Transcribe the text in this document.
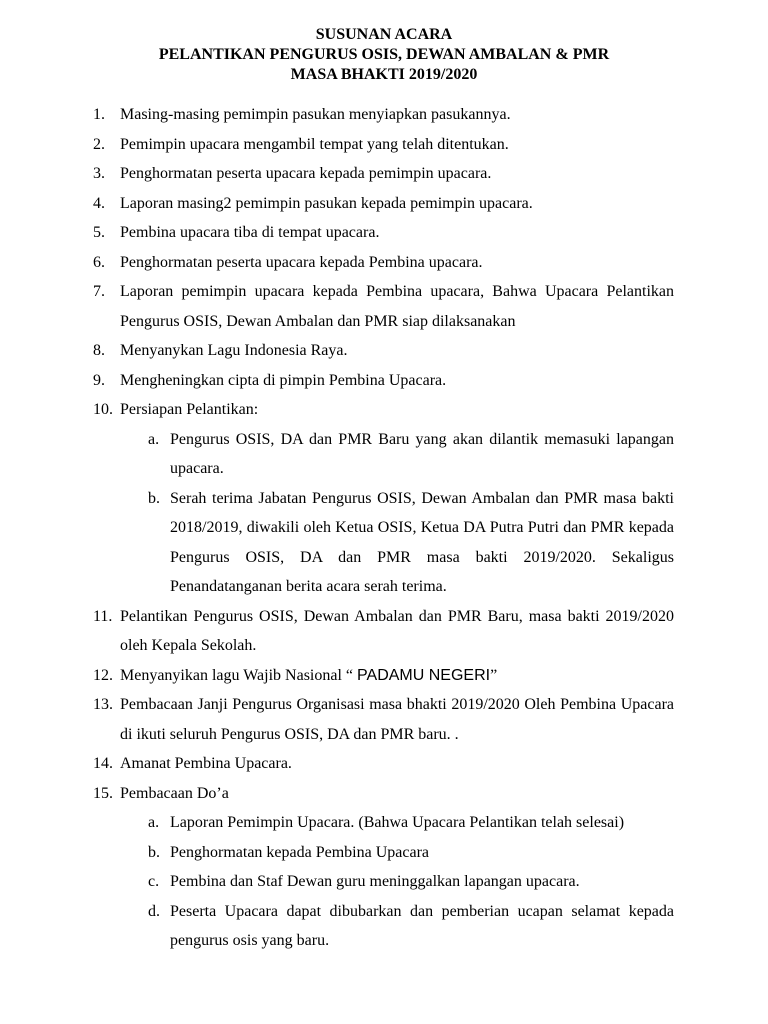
SUSUNAN ACARA
PELANTIKAN PENGURUS OSIS, DEWAN AMBALAN & PMR
MASA BHAKTI 2019/2020
1. Masing-masing pemimpin pasukan menyiapkan pasukannya.
2. Pemimpin upacara mengambil tempat yang telah ditentukan.
3. Penghormatan peserta upacara kepada pemimpin upacara.
4. Laporan masing2 pemimpin pasukan kepada pemimpin upacara.
5. Pembina upacara tiba di tempat upacara.
6. Penghormatan peserta upacara kepada Pembina upacara.
7. Laporan pemimpin upacara kepada Pembina upacara, Bahwa Upacara Pelantikan Pengurus OSIS, Dewan Ambalan dan PMR siap dilaksanakan
8. Menyanykan Lagu Indonesia Raya.
9. Mengheningkan cipta di pimpin Pembina Upacara.
10. Persiapan Pelantikan:
a. Pengurus OSIS, DA dan PMR Baru yang akan dilantik memasuki lapangan upacara.
b. Serah terima Jabatan Pengurus OSIS, Dewan Ambalan dan PMR masa bakti 2018/2019, diwakili oleh Ketua OSIS, Ketua DA Putra Putri dan PMR kepada Pengurus OSIS, DA dan PMR masa bakti 2019/2020. Sekaligus Penandatanganan berita acara serah terima.
11. Pelantikan Pengurus OSIS, Dewan Ambalan dan PMR Baru, masa bakti 2019/2020 oleh Kepala Sekolah.
12. Menyanyikan lagu Wajib Nasional “ PADAMU NEGERI”
13. Pembacaan Janji Pengurus Organisasi masa bhakti 2019/2020 Oleh Pembina Upacara di ikuti seluruh Pengurus OSIS, DA dan PMR baru. .
14. Amanat Pembina Upacara.
15. Pembacaan Do’a
a. Laporan Pemimpin Upacara. (Bahwa Upacara Pelantikan telah selesai)
b. Penghormatan kepada Pembina Upacara
c. Pembina dan Staf Dewan guru meninggalkan lapangan upacara.
d. Peserta Upacara dapat dibubarkan dan pemberian ucapan selamat kepada pengurus osis yang baru.
